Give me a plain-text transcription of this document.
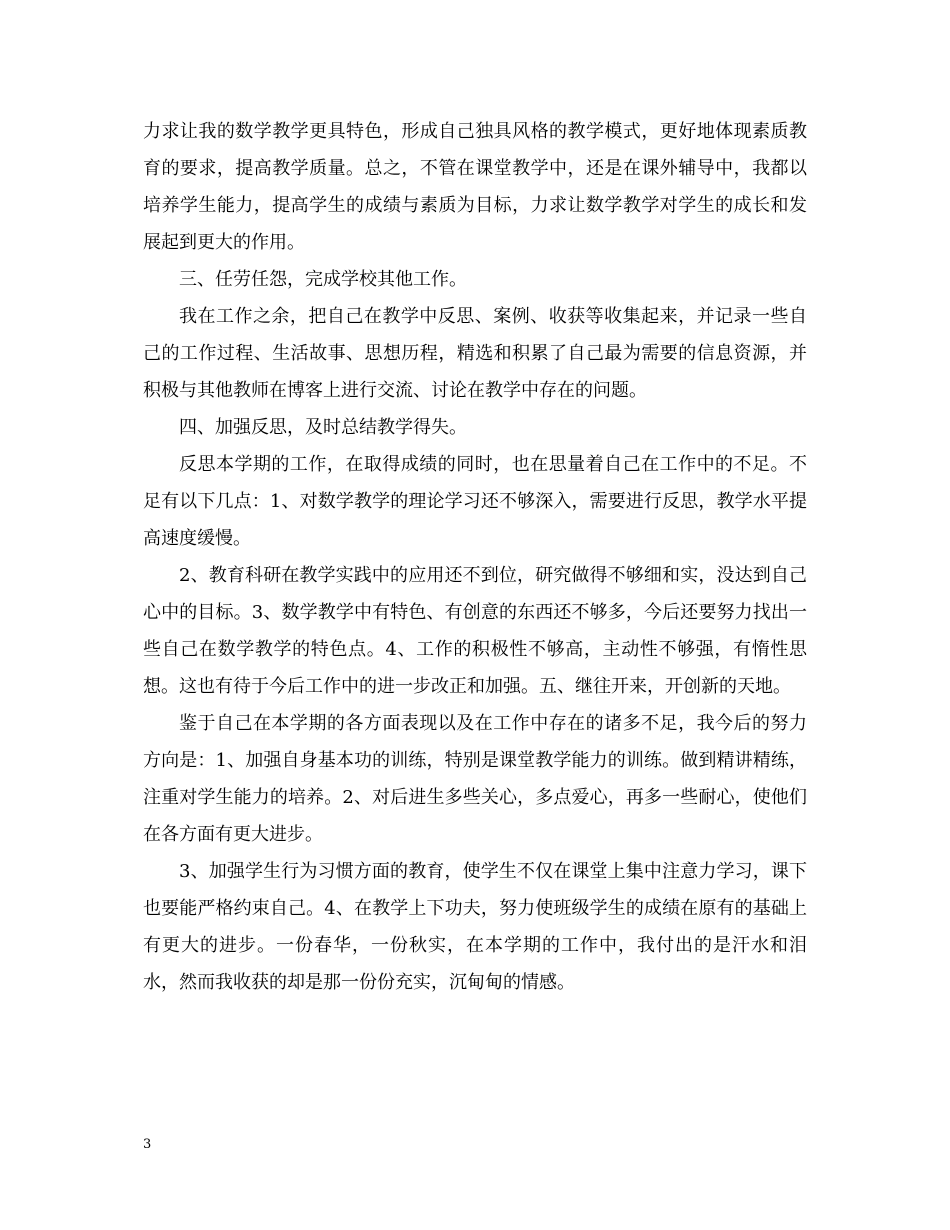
力求让我的数学教学更具特色，形成自己独具风格的教学模式，更好地体现素质教育的要求，提高教学质量。总之，不管在课堂教学中，还是在课外辅导中，我都以培养学生能力，提高学生的成绩与素质为目标，力求让数学教学对学生的成长和发展起到更大的作用。

三、任劳任怨，完成学校其他工作。

我在工作之余，把自己在教学中反思、案例、收获等收集起来，并记录一些自己的工作过程、生活故事、思想历程，精选和积累了自己最为需要的信息资源，并积极与其他教师在博客上进行交流、讨论在教学中存在的问题。

四、加强反思，及时总结教学得失。

反思本学期的工作，在取得成绩的同时，也在思量着自己在工作中的不足。不足有以下几点：1、对数学教学的理论学习还不够深入，需要进行反思，教学水平提高速度缓慢。

2、教育科研在教学实践中的应用还不到位，研究做得不够细和实，没达到自己心中的目标。3、数学教学中有特色、有创意的东西还不够多，今后还要努力找出一些自己在数学教学的特色点。4、工作的积极性不够高，主动性不够强，有惰性思想。这也有待于今后工作中的进一步改正和加强。五、继往开来，开创新的天地。

鉴于自己在本学期的各方面表现以及在工作中存在的诸多不足，我今后的努力方向是：1、加强自身基本功的训练，特别是课堂教学能力的训练。做到精讲精练，注重对学生能力的培养。2、对后进生多些关心，多点爱心，再多一些耐心，使他们在各方面有更大进步。

3、加强学生行为习惯方面的教育，使学生不仅在课堂上集中注意力学习，课下也要能严格约束自己。4、在教学上下功夫，努力使班级学生的成绩在原有的基础上有更大的进步。一份春华，一份秋实，在本学期的工作中，我付出的是汗水和泪水，然而我收获的却是那一份份充实，沉甸甸的情感。

3
